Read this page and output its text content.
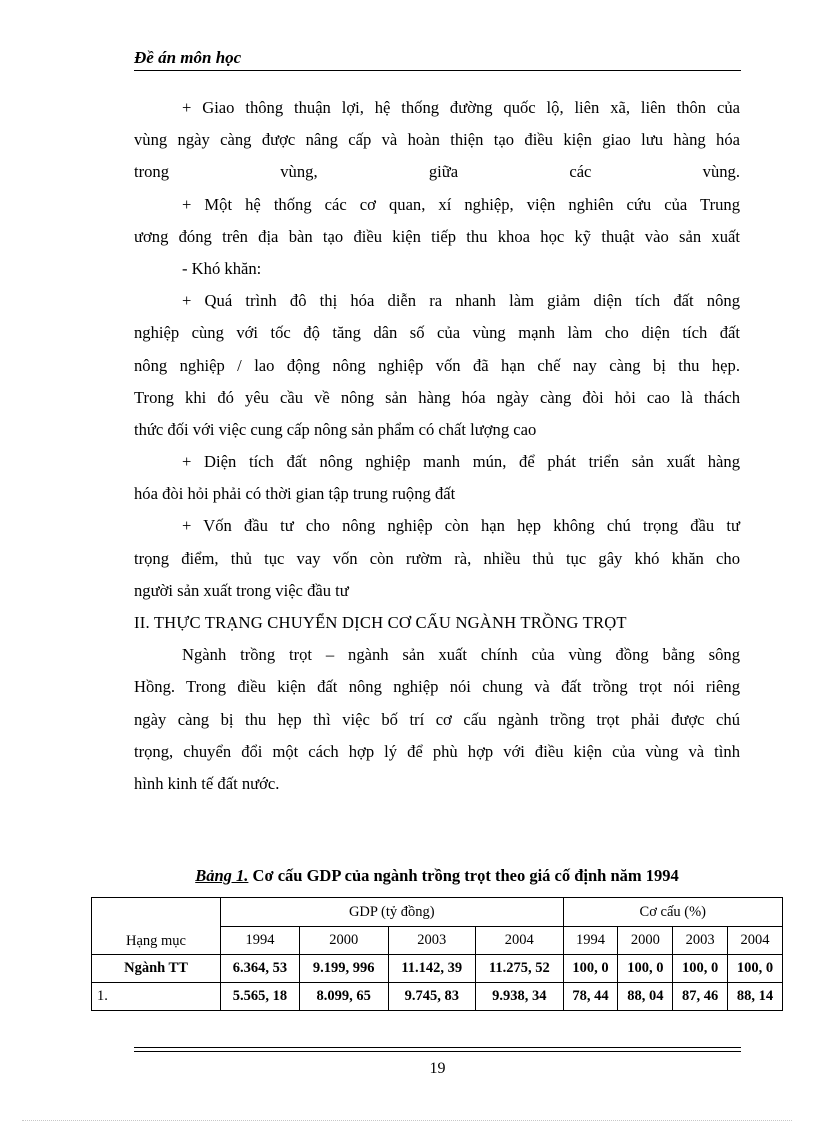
Đề án môn học
+ Giao thông thuận lợi, hệ thống đường quốc lộ, liên xã, liên thôn của
vùng ngày càng được nâng cấp và hoàn thiện tạo điều kiện giao lưu hàng hóa
trong vùng, giữa các vùng.
+ Một hệ thống các cơ quan, xí nghiệp, viện nghiên cứu của Trung
ương đóng trên địa bàn tạo điều kiện tiếp thu khoa học kỹ thuật vào sản xuất
- Khó khăn:
+ Quá trình đô thị hóa diễn ra nhanh làm giảm diện tích đất nông
nghiệp cùng với tốc độ tăng dân số của vùng mạnh làm cho diện tích đất
nông nghiệp / lao động nông nghiệp vốn đã hạn chế nay càng bị thu hẹp.
Trong khi đó yêu cầu về nông sản hàng hóa ngày càng đòi hỏi cao là thách
thức đối với việc cung cấp nông sản phẩm có chất lượng cao
+ Diện tích đất nông nghiệp manh mún, để phát triển sản xuất hàng
hóa đòi hỏi phải có thời gian tập trung ruộng đất
+ Vốn đầu tư cho nông nghiệp còn hạn hẹp không chú trọng đầu tư
trọng điểm, thủ tục vay vốn còn rườm rà, nhiều thủ tục gây khó khăn cho
người sản xuất trong việc đầu tư
II. THỰC TRẠNG CHUYỂN DỊCH CƠ CẤU NGÀNH TRỒNG TRỌT
Ngành trồng trọt – ngành sản xuất chính của vùng đồng bằng sông
Hồng. Trong điều kiện đất nông nghiệp nói chung và đất trồng trọt nói riêng
ngày càng bị thu hẹp thì việc bố trí cơ cấu ngành trồng trọt phải được chú
trọng, chuyển đổi một cách hợp lý để phù hợp với điều kiện của vùng và tình
hình kinh tế đất nước.
Bảng 1. Cơ cấu GDP của ngành trồng trọt theo giá cố định năm 1994
Hạng mục	GDP (tỷ đồng)				Cơ cấu (%)			
	1994	2000	2003	2004	1994	2000	2003	2004
Ngành TT	6.364, 53	9.199, 996	11.142, 39	11.275, 52	100, 0	100, 0	100, 0	100, 0
1.	5.565, 18	8.099, 65	9.745, 83	9.938, 34	78, 44	88, 04	87, 46	88, 14
19
